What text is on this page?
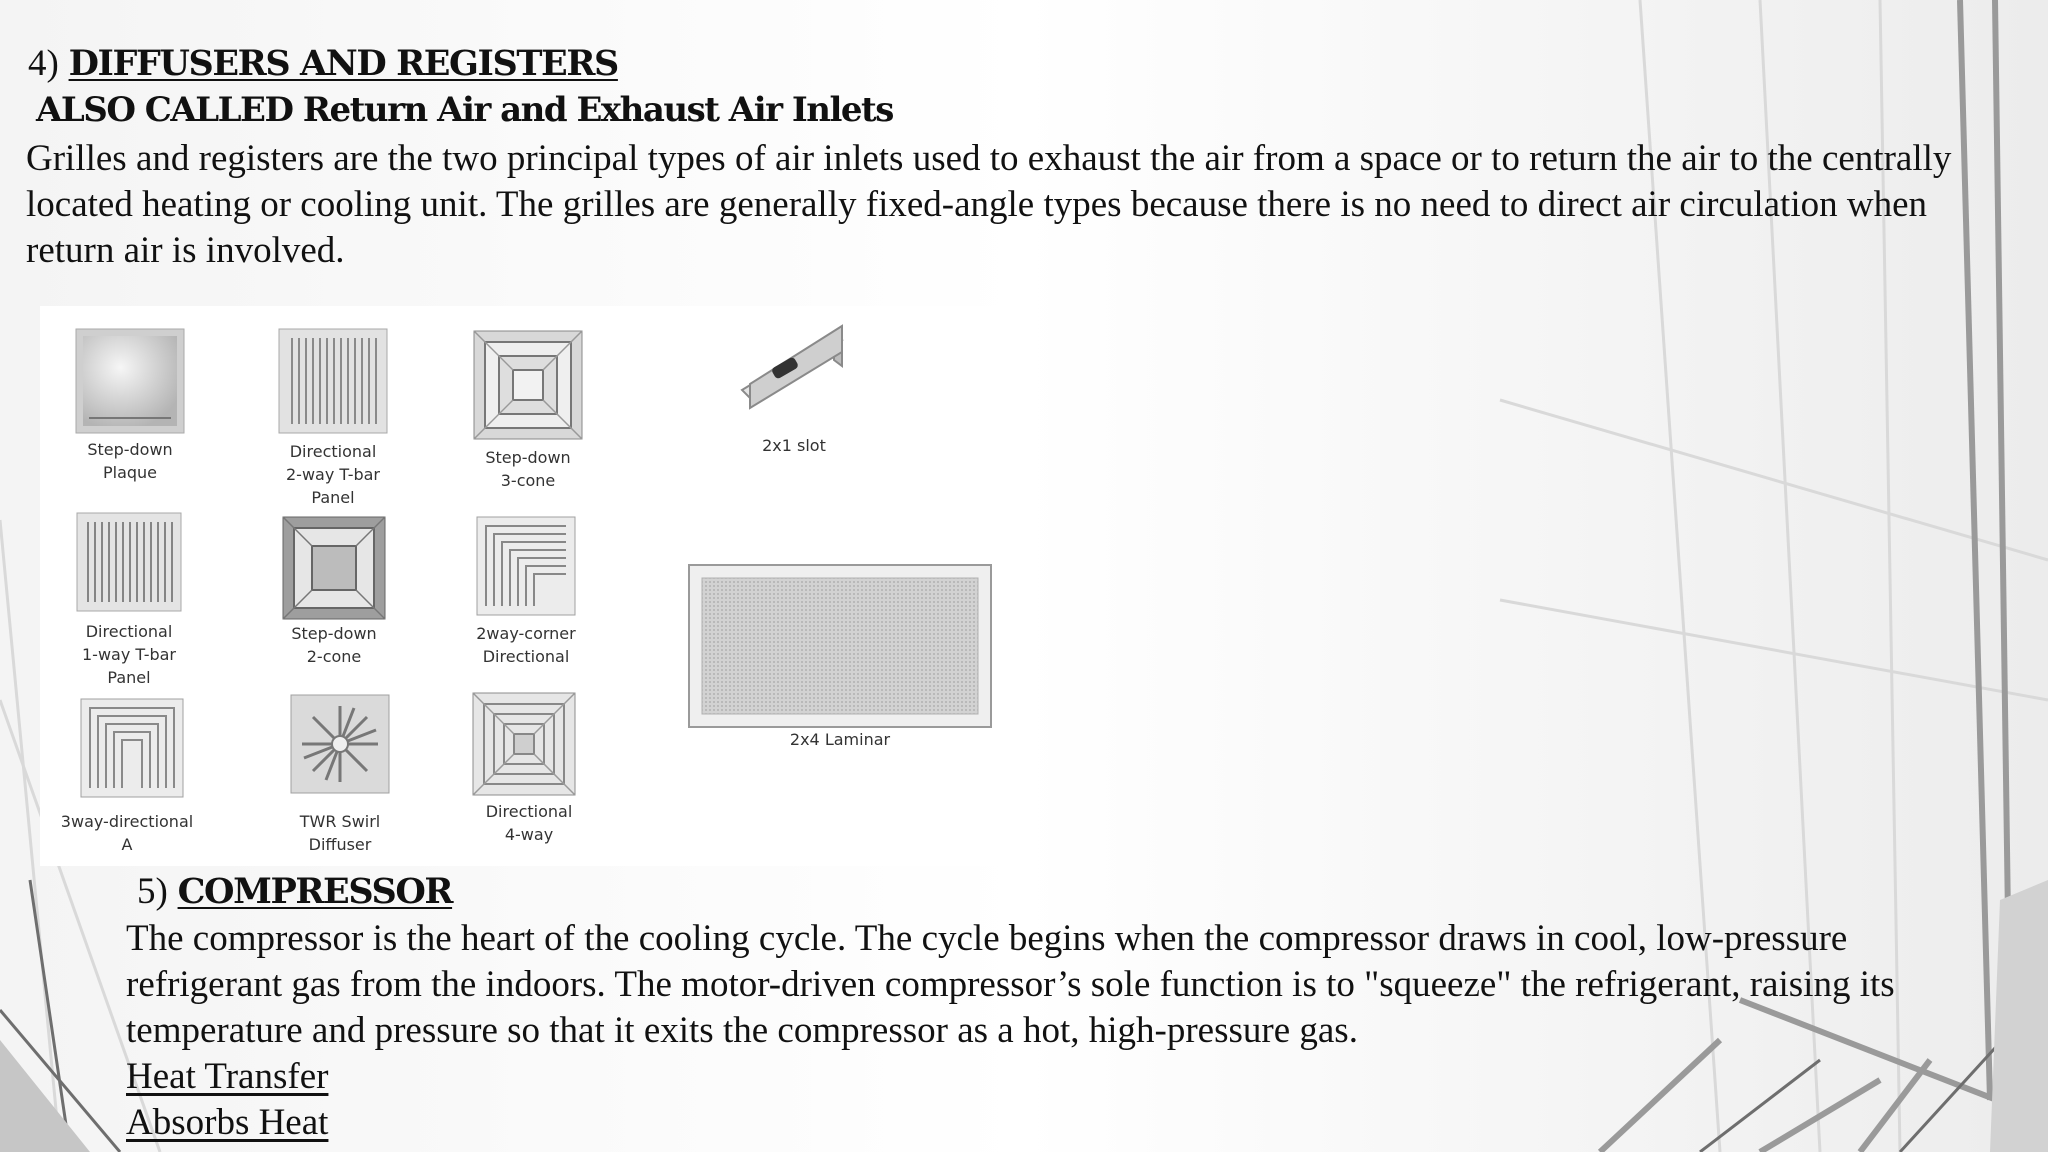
4) DIFFUSERS AND REGISTERS
ALSO CALLED Return Air and Exhaust Air Inlets
Grilles and registers are the two principal types of air inlets used to exhaust the air from a space or to return the air to the centrally located heating or cooling unit. The grilles are generally fixed-angle types because there is no need to direct air circulation when return air is involved.
Step-down
Plaque
Directional
2-way T-bar
Panel
Step-down
3-cone
2x1 slot
Directional
1-way T-bar
Panel
Step-down
2-cone
2way-corner
Directional
2x4 Laminar
3way-directional
A
TWR Swirl
Diffuser
Directional
4-way
5) COMPRESSOR
The compressor is the heart of the cooling cycle. The cycle begins when the compressor draws in cool, low-pressure refrigerant gas from the indoors. The motor-driven compressor’s sole function is to "squeeze" the refrigerant, raising its temperature and pressure so that it exits the compressor as a hot, high-pressure gas.
Heat Transfer
Absorbs Heat
